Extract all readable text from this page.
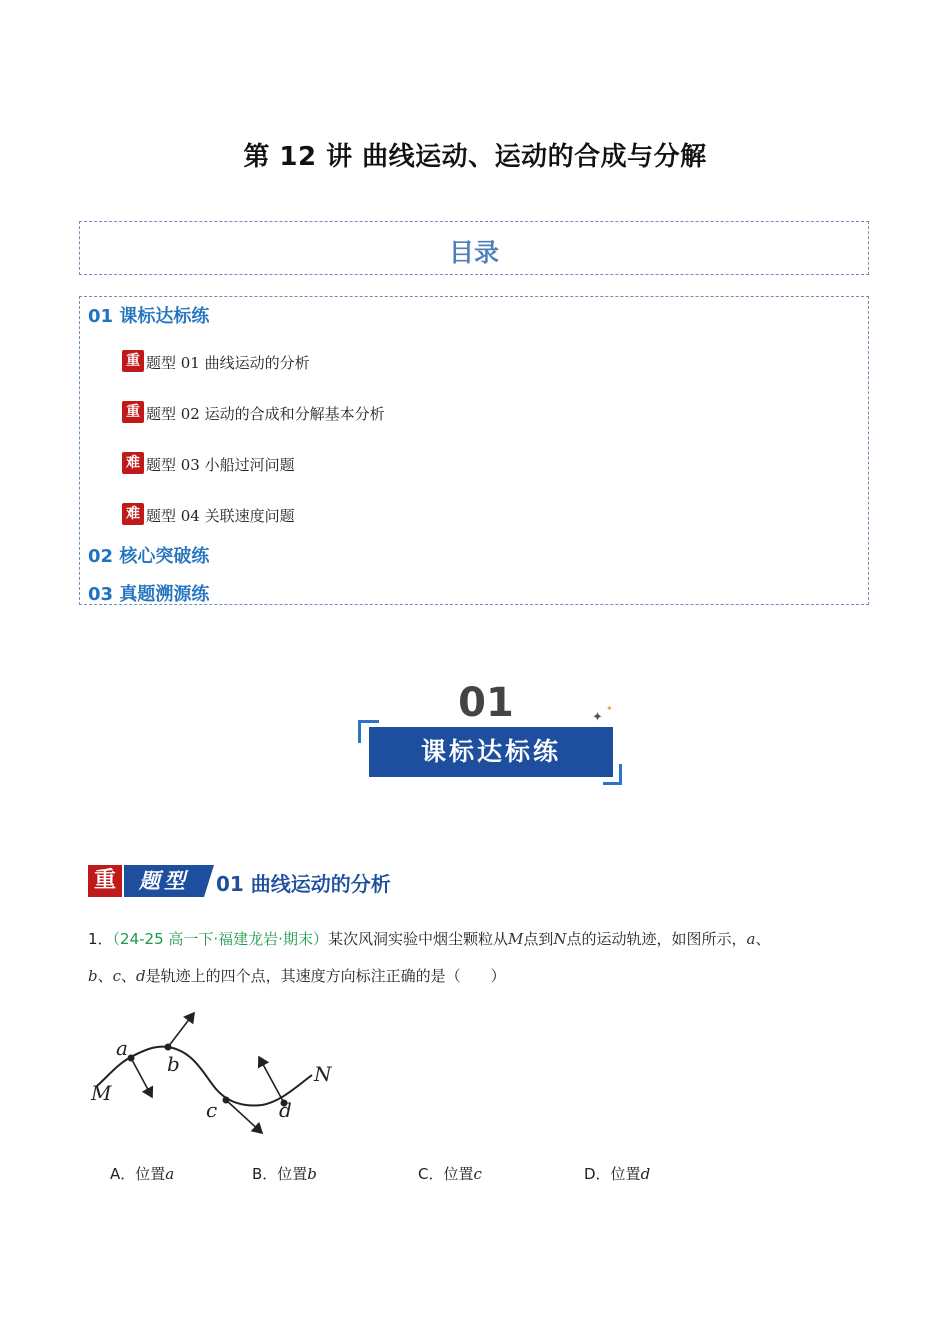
第 12 讲 曲线运动、运动的合成与分解
目录
01 课标达标练
重 题型 01 曲线运动的分析
重 题型 02 运动的合成和分解基本分析
难 题型 03 小船过河问题
难 题型 04 关联速度问题
02 核心突破练
03 真题溯源练
01
课标达标练
✦
✦
重	题型	01 曲线运动的分析
1．（24-25 高一下·福建龙岩·期末）某次风洞实验中烟尘颗粒从M点到N点的运动轨迹，如图所示，a、
b、c、d是轨迹上的四个点，其速度方向标注正确的是（　　）
a
b
c	d
M
N
A．位置a	B．位置b	C．位置c	D．位置d
